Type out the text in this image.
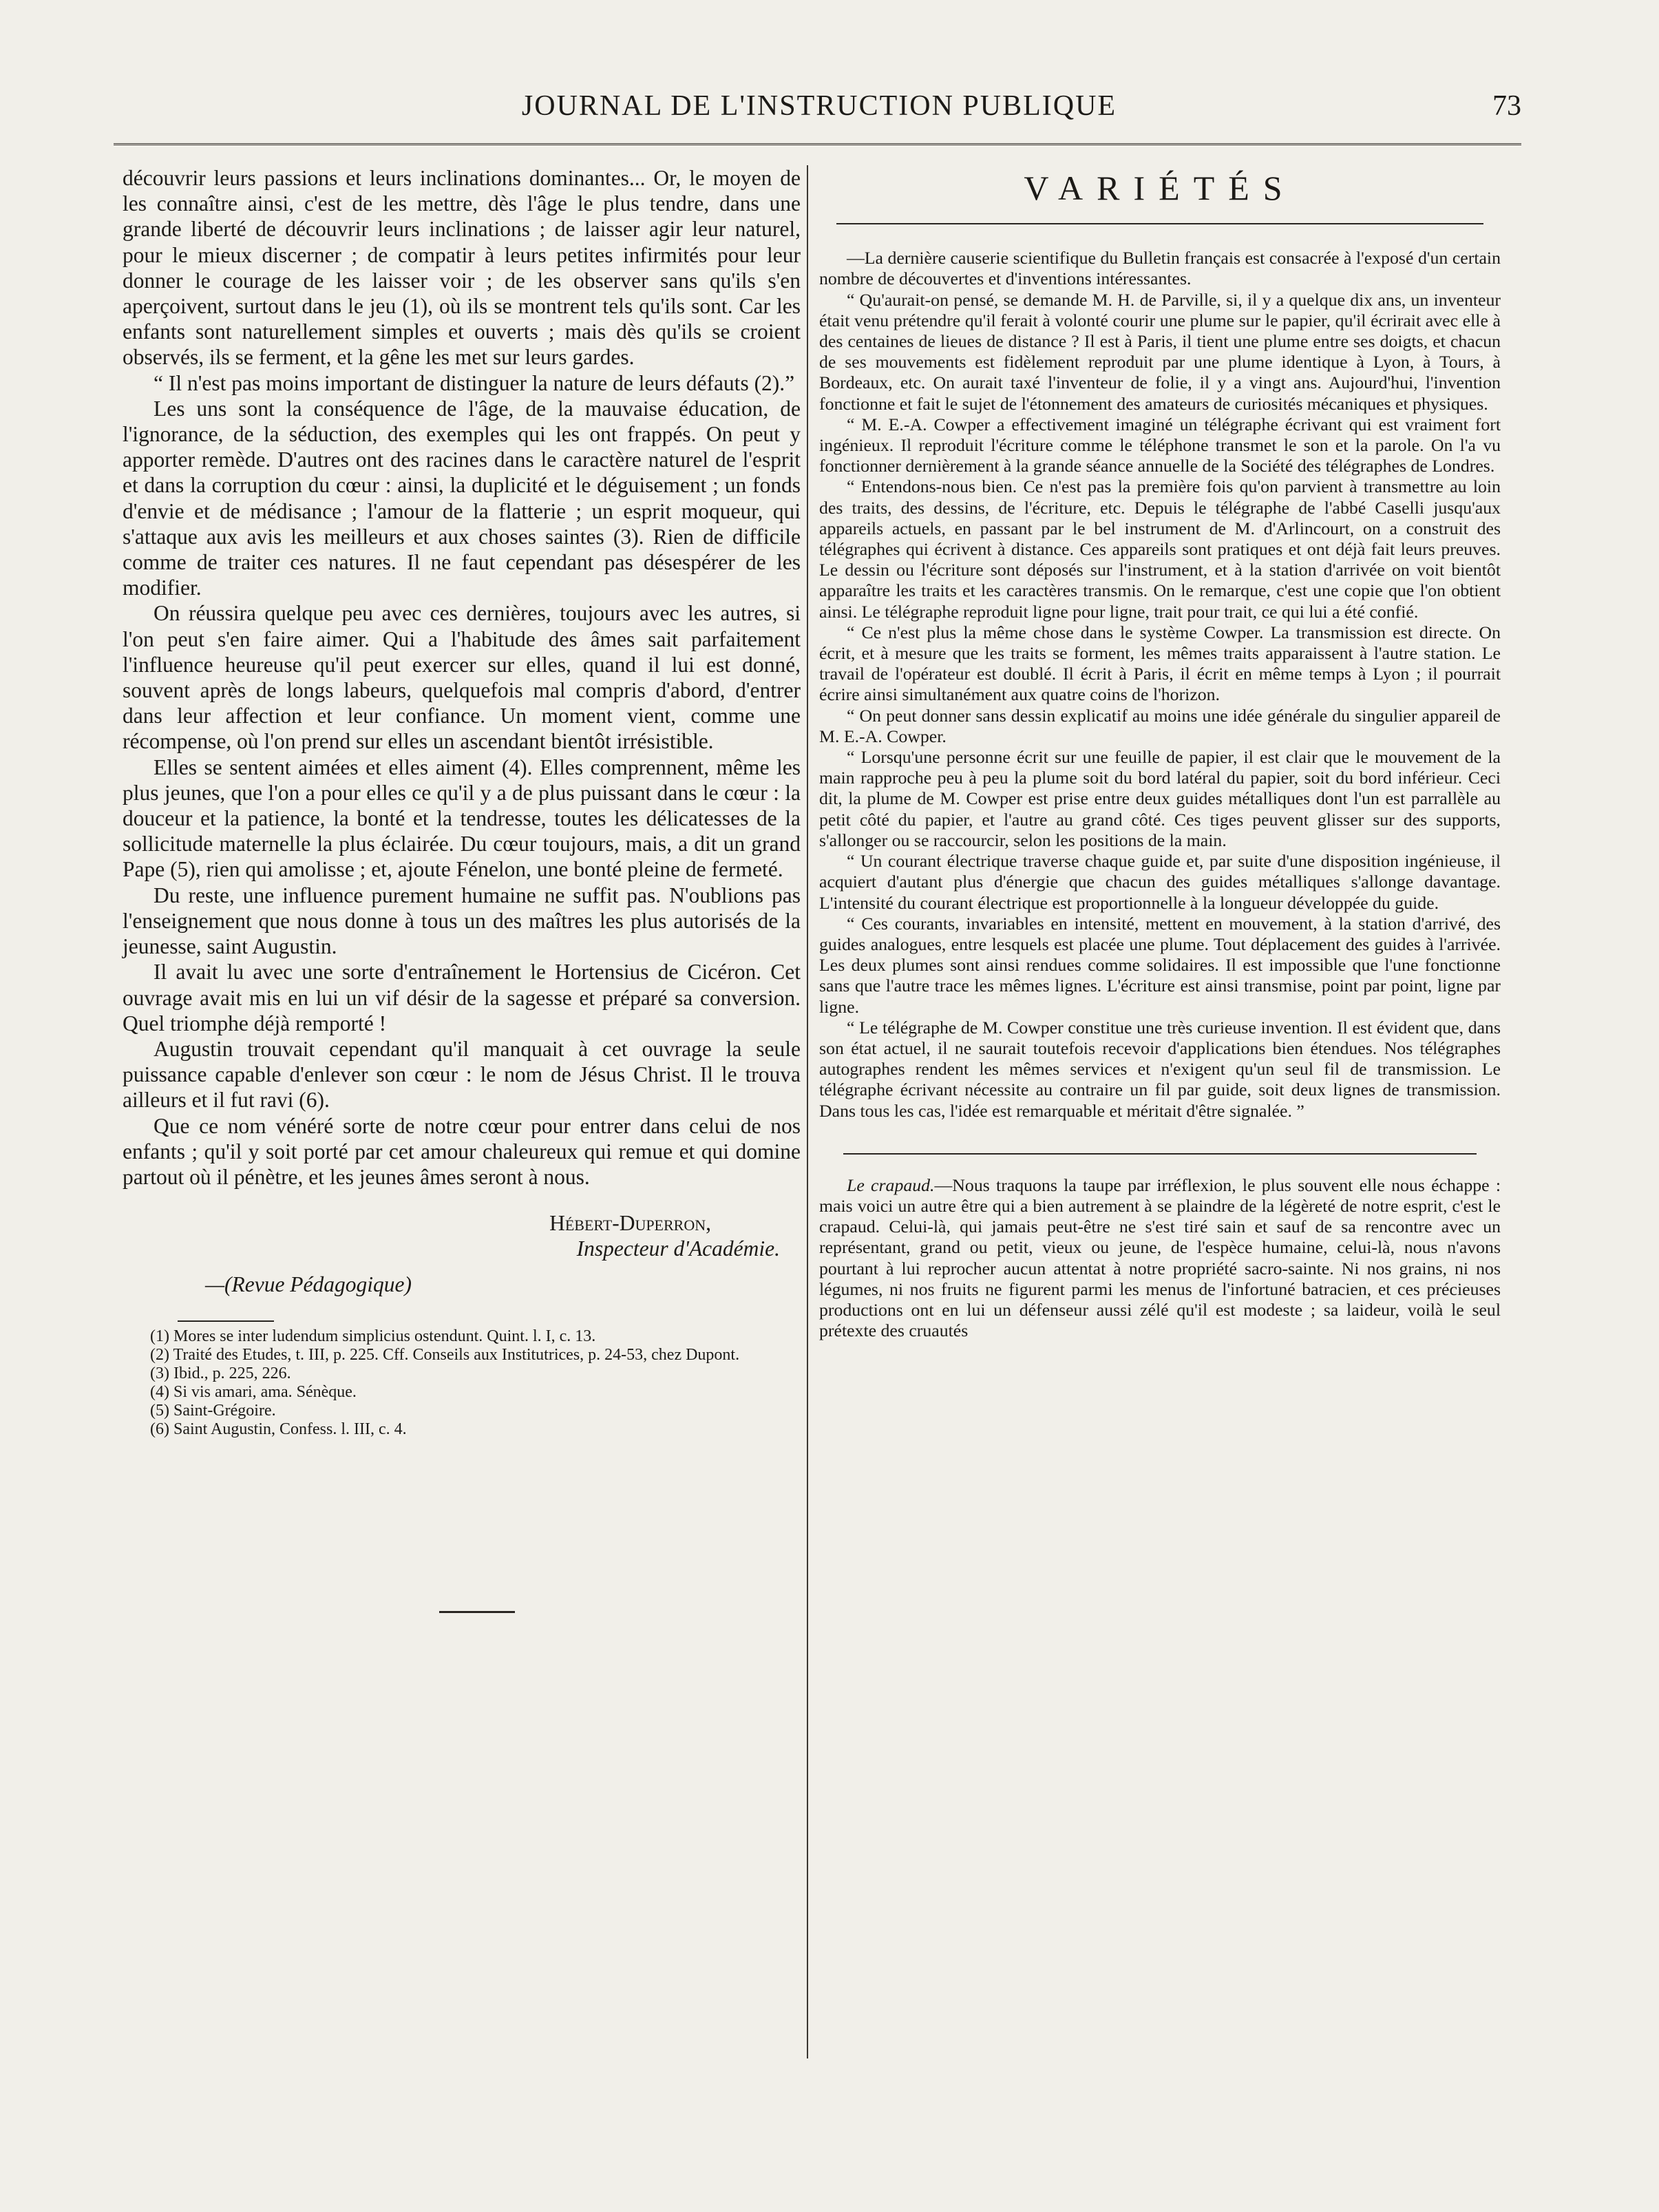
JOURNAL DE L'INSTRUCTION PUBLIQUE	73

découvrir leurs passions et leurs inclinations dominantes... Or, le moyen de les connaître ainsi, c'est de les mettre, dès l'âge le plus tendre, dans une grande liberté de découvrir leurs inclinations ; de laisser agir leur naturel, pour le mieux discerner ; de compatir à leurs petites infirmités pour leur donner le courage de les laisser voir ; de les observer sans qu'ils s'en aperçoivent, surtout dans le jeu (1), où ils se montrent tels qu'ils sont. Car les enfants sont naturellement simples et ouverts ; mais dès qu'ils se croient observés, ils se ferment, et la gêne les met sur leurs gardes.

“ Il n'est pas moins important de distinguer la nature de leurs défauts (2).”

Les uns sont la conséquence de l'âge, de la mauvaise éducation, de l'ignorance, de la séduction, des exemples qui les ont frappés. On peut y apporter remède. D'autres ont des racines dans le caractère naturel de l'esprit et dans la corruption du cœur : ainsi, la duplicité et le déguisement ; un fonds d'envie et de médisance ; l'amour de la flatterie ; un esprit moqueur, qui s'attaque aux avis les meilleurs et aux choses saintes (3). Rien de difficile comme de traiter ces natures. Il ne faut cependant pas désespérer de les modifier.

On réussira quelque peu avec ces dernières, toujours avec les autres, si l'on peut s'en faire aimer. Qui a l'habitude des âmes sait parfaitement l'influence heureuse qu'il peut exercer sur elles, quand il lui est donné, souvent après de longs labeurs, quelquefois mal compris d'abord, d'entrer dans leur affection et leur confiance. Un moment vient, comme une récompense, où l'on prend sur elles un ascendant bientôt irrésistible.

Elles se sentent aimées et elles aiment (4). Elles comprennent, même les plus jeunes, que l'on a pour elles ce qu'il y a de plus puissant dans le cœur : la douceur et la patience, la bonté et la tendresse, toutes les délicatesses de la sollicitude maternelle la plus éclairée. Du cœur toujours, mais, a dit un grand Pape (5), rien qui amolisse ; et, ajoute Fénelon, une bonté pleine de fermeté.

Du reste, une influence purement humaine ne suffit pas. N'oublions pas l'enseignement que nous donne à tous un des maîtres les plus autorisés de la jeunesse, saint Augustin.

Il avait lu avec une sorte d'entraînement le Hortensius de Cicéron. Cet ouvrage avait mis en lui un vif désir de la sagesse et préparé sa conversion. Quel triomphe déjà remporté !

Augustin trouvait cependant qu'il manquait à cet ouvrage la seule puissance capable d'enlever son cœur : le nom de Jésus Christ. Il le trouva ailleurs et il fut ravi (6).

Que ce nom vénéré sorte de notre cœur pour entrer dans celui de nos enfants ; qu'il y soit porté par cet amour chaleureux qui remue et qui domine partout où il pénètre, et les jeunes âmes seront à nous.

Hébert-Duperron,
Inspecteur d'Académie.
—(Revue Pédagogique)
(1) Mores se inter ludendum simplicius ostendunt. Quint. l. I, c. 13.
(2) Traité des Etudes, t. III, p. 225. Cff. Conseils aux Institutrices, p. 24-53, chez Dupont.
(3) Ibid., p. 225, 226.
(4) Si vis amari, ama. Sénèque.
(5) Saint-Grégoire.
(6) Saint Augustin, Confess. l. III, c. 4.
VARIÉTÉS

—La dernière causerie scientifique du Bulletin français est consacrée à l'exposé d'un certain nombre de découvertes et d'inventions intéressantes.

“ Qu'aurait-on pensé, se demande M. H. de Parville, si, il y a quelque dix ans, un inventeur était venu prétendre qu'il ferait à volonté courir une plume sur le papier, qu'il écrirait avec elle à des centaines de lieues de distance ? Il est à Paris, il tient une plume entre ses doigts, et chacun de ses mouvements est fidèlement reproduit par une plume identique à Lyon, à Tours, à Bordeaux, etc. On aurait taxé l'inventeur de folie, il y a vingt ans. Aujourd'hui, l'invention fonctionne et fait le sujet de l'étonnement des amateurs de curiosités mécaniques et physiques.

“ M. E.-A. Cowper a effectivement imaginé un télégraphe écrivant qui est vraiment fort ingénieux. Il reproduit l'écriture comme le téléphone transmet le son et la parole. On l'a vu fonctionner dernièrement à la grande séance annuelle de la Société des télégraphes de Londres.

“ Entendons-nous bien. Ce n'est pas la première fois qu'on parvient à transmettre au loin des traits, des dessins, de l'écriture, etc. Depuis le télégraphe de l'abbé Caselli jusqu'aux appareils actuels, en passant par le bel instrument de M. d'Arlincourt, on a construit des télégraphes qui écrivent à distance. Ces appareils sont pratiques et ont déjà fait leurs preuves. Le dessin ou l'écriture sont déposés sur l'instrument, et à la station d'arrivée on voit bientôt apparaître les traits et les caractères transmis. On le remarque, c'est une copie que l'on obtient ainsi. Le télégraphe reproduit ligne pour ligne, trait pour trait, ce qui lui a été confié.

“ Ce n'est plus la même chose dans le système Cowper. La transmission est directe. On écrit, et à mesure que les traits se forment, les mêmes traits apparaissent à l'autre station. Le travail de l'opérateur est doublé. Il écrit à Paris, il écrit en même temps à Lyon ; il pourrait écrire ainsi simultanément aux quatre coins de l'horizon.

“ On peut donner sans dessin explicatif au moins une idée générale du singulier appareil de M. E.-A. Cowper.

“ Lorsqu'une personne écrit sur une feuille de papier, il est clair que le mouvement de la main rapproche peu à peu la plume soit du bord latéral du papier, soit du bord inférieur. Ceci dit, la plume de M. Cowper est prise entre deux guides métalliques dont l'un est parrallèle au petit côté du papier, et l'autre au grand côté. Ces tiges peuvent glisser sur des supports, s'allonger ou se raccourcir, selon les positions de la main.

“ Un courant électrique traverse chaque guide et, par suite d'une disposition ingénieuse, il acquiert d'autant plus d'énergie que chacun des guides métalliques s'allonge davantage. L'intensité du courant électrique est proportionnelle à la longueur développée du guide.

“ Ces courants, invariables en intensité, mettent en mouvement, à la station d'arrivé, des guides analogues, entre lesquels est placée une plume. Tout déplacement des guides à l'arrivée. Les deux plumes sont ainsi rendues comme solidaires. Il est impossible que l'une fonctionne sans que l'autre trace les mêmes lignes. L'écriture est ainsi transmise, point par point, ligne par ligne.

“ Le télégraphe de M. Cowper constitue une très curieuse invention. Il est évident que, dans son état actuel, il ne saurait toutefois recevoir d'applications bien étendues. Nos télégraphes autographes rendent les mêmes services et n'exigent qu'un seul fil de transmission. Le télégraphe écrivant nécessite au contraire un fil par guide, soit deux lignes de transmission. Dans tous les cas, l'idée est remarquable et méritait d'être signalée. ”

Le crapaud.—Nous traquons la taupe par irréflexion, le plus souvent elle nous échappe : mais voici un autre être qui a bien autrement à se plaindre de la légèreté de notre esprit, c'est le crapaud. Celui-là, qui jamais peut-être ne s'est tiré sain et sauf de sa rencontre avec un représentant, grand ou petit, vieux ou jeune, de l'espèce humaine, celui-là, nous n'avons pourtant à lui reprocher aucun attentat à notre propriété sacro-sainte. Ni nos grains, ni nos légumes, ni nos fruits ne figurent parmi les menus de l'infortuné batracien, et ces précieuses productions ont en lui un défenseur aussi zélé qu'il est modeste ; sa laideur, voilà le seul prétexte des cruautés
